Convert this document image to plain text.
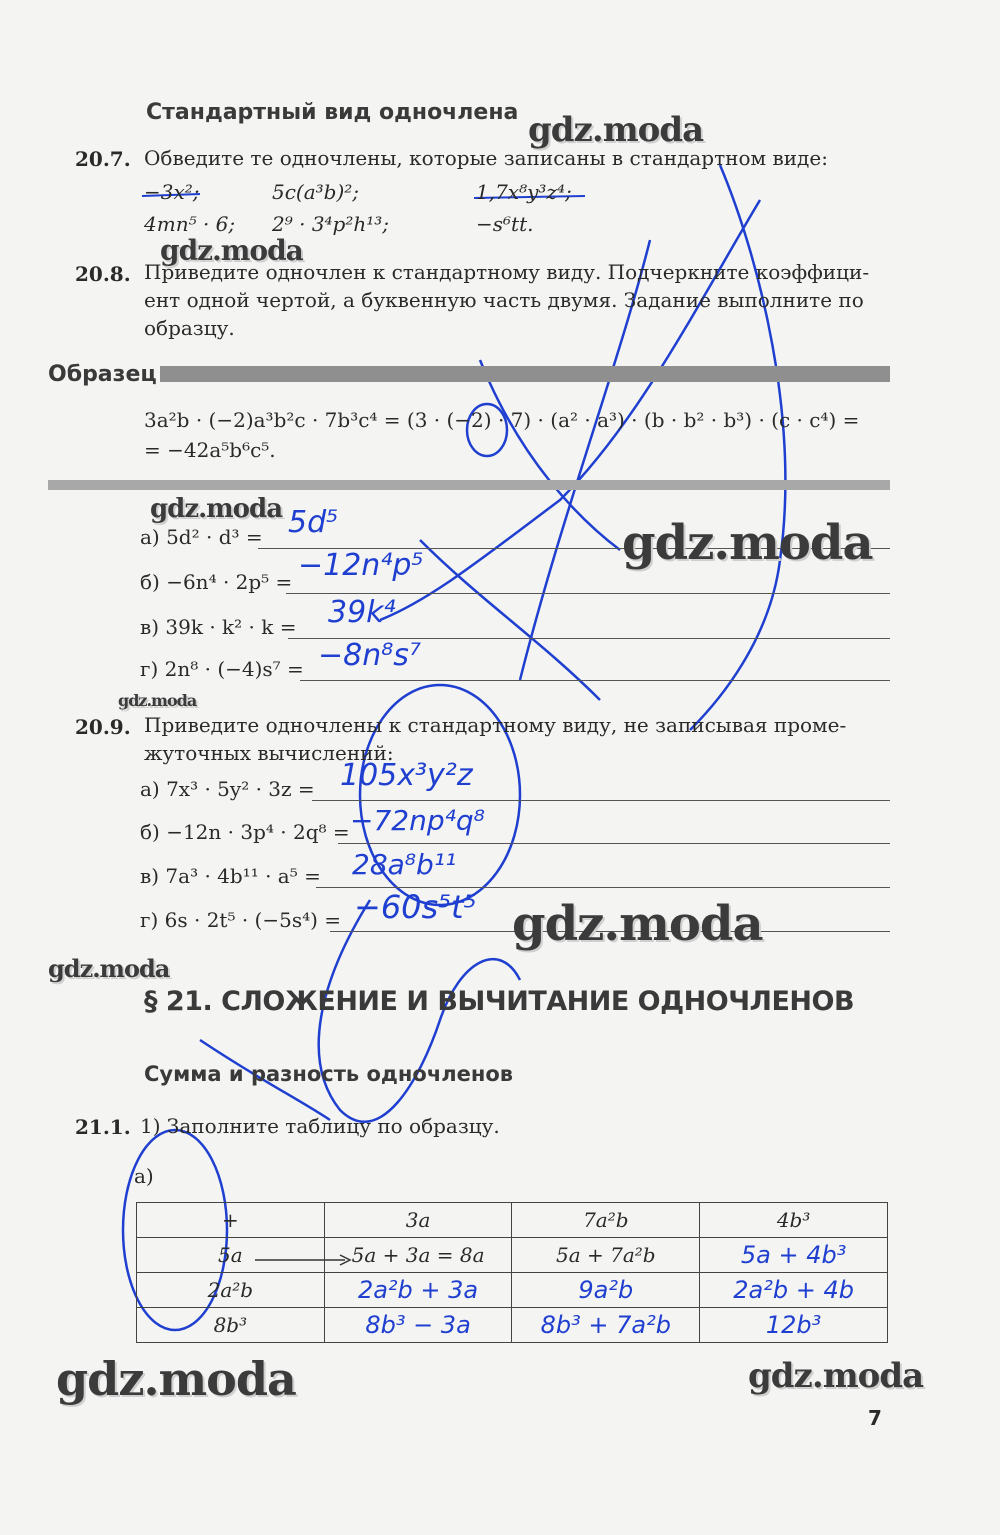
Стандартный вид одночлена
20.7. Обведите те одночлены, которые записаны в стандартном виде:
−3x²;	5c(a³b)²;	1,7x⁸y³z⁴;
4mn⁵ · 6; 2⁹ · 3⁴p²h¹³;	−s⁶tt.
20.8. Приведите одночлен к стандартному виду. Подчеркните коэффици-
ент одной чертой, а буквенную часть двумя. Задание выполните по
образцу.
Образец
3a²b · (−2)a³b²c · 7b³c⁴ = (3 · (−2) · 7) · (a² · a³) · (b · b² · b³) · (c · c⁴) =
= −42a⁵b⁶c⁵.
а) 5d² · d³ = 5d⁵
б) −6n⁴ · 2p⁵ = −12n⁴p⁵
в) 39k · k² · k = 39k⁴
г) 2n⁸ · (−4)s⁷ = −8n⁸s⁷
20.9. Приведите одночлены к стандартному виду, не записывая проме-
жуточных вычислений:
а) 7x³ · 5y² · 3z = 105x³y²z
б) −12n · 3p⁴ · 2q⁸ = −72np⁴q⁸
в) 7a³ · 4b¹¹ · a⁵ = 28a⁸b¹¹
г) 6s · 2t⁵ · (−5s⁴) = −60s⁵t⁵
§ 21. СЛОЖЕНИЕ И ВЫЧИТАНИЕ ОДНОЧЛЕНОВ
Сумма и разность одночленов
21.1. 1) Заполните таблицу по образцу.
а)
+	3a	7a²b	4b³
5a	5a + 3a = 8a	5a + 7a²b	5a + 4b³
2a²b	2a²b + 3a	9a²b	2a²b + 4b
8b³	8b³ − 3a	8b³ + 7a²b	12b³
gdz.moda
gdz.moda
gdz.moda
gdz.moda
gdz.moda
gdz.moda
gdz.moda
gdz.moda	gdz.moda
7
